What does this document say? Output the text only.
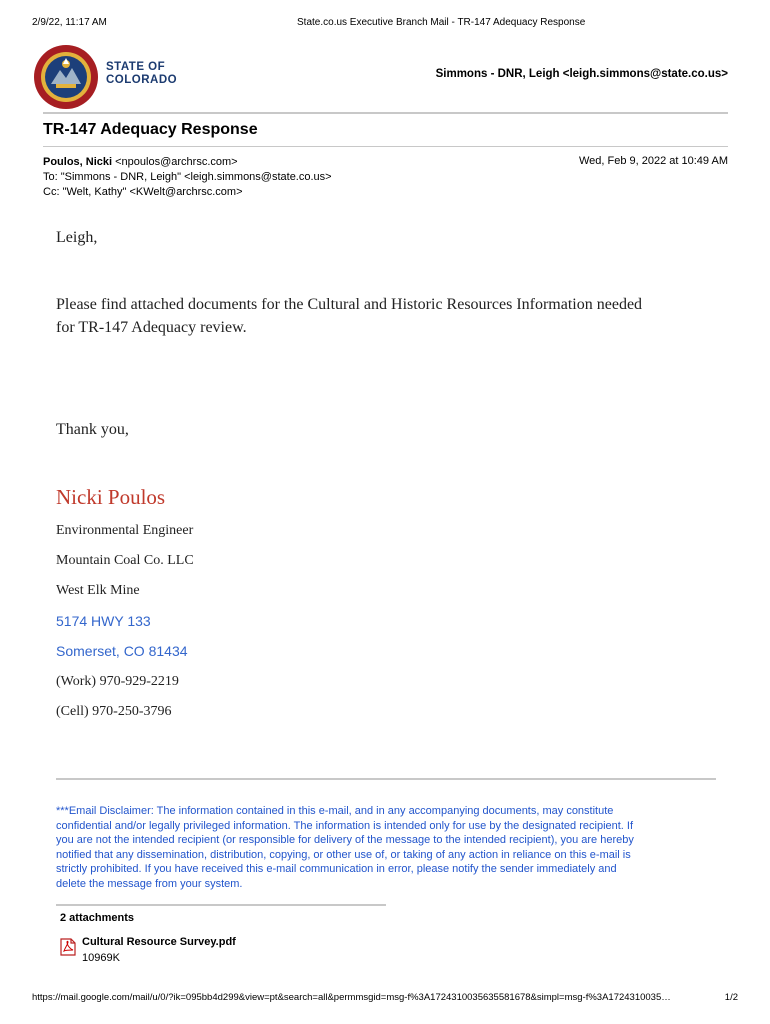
2/9/22, 11:17 AM	State.co.us Executive Branch Mail - TR-147 Adequacy Response
STATE OF
COLORADO	Simmons - DNR, Leigh <leigh.simmons@state.co.us>
TR-147 Adequacy Response
Poulos, Nicki <npoulos@archrsc.com>
To: "Simmons - DNR, Leigh" <leigh.simmons@state.co.us>
Cc: "Welt, Kathy" <KWelt@archrsc.com>
Wed, Feb 9, 2022 at 10:49 AM
Leigh,
Please find attached documents for the Cultural and Historic Resources Information needed
for TR-147 Adequacy review.
Thank you,
Nicki Poulos
Environmental Engineer
Mountain Coal Co. LLC
West Elk Mine
5174 HWY 133
Somerset, CO 81434
(Work) 970-929-2219
(Cell) 970-250-3796
***Email Disclaimer: The information contained in this e-mail, and in any accompanying documents, may constitute
confidential and/or legally privileged information. The information is intended only for use by the designated recipient. If
you are not the intended recipient (or responsible for delivery of the message to the intended recipient), you are hereby
notified that any dissemination, distribution, copying, or other use of, or taking of any action in reliance on this e-mail is
strictly prohibited. If you have received this e-mail communication in error, please notify the sender immediately and
delete the message from your system.
2 attachments
Cultural Resource Survey.pdf
10969K
https://mail.google.com/mail/u/0/?ik=095bb4d299&view=pt&search=all&permmsgid=msg-f%3A1724310035635581678&simpl=msg-f%3A1724310035…	1/2
